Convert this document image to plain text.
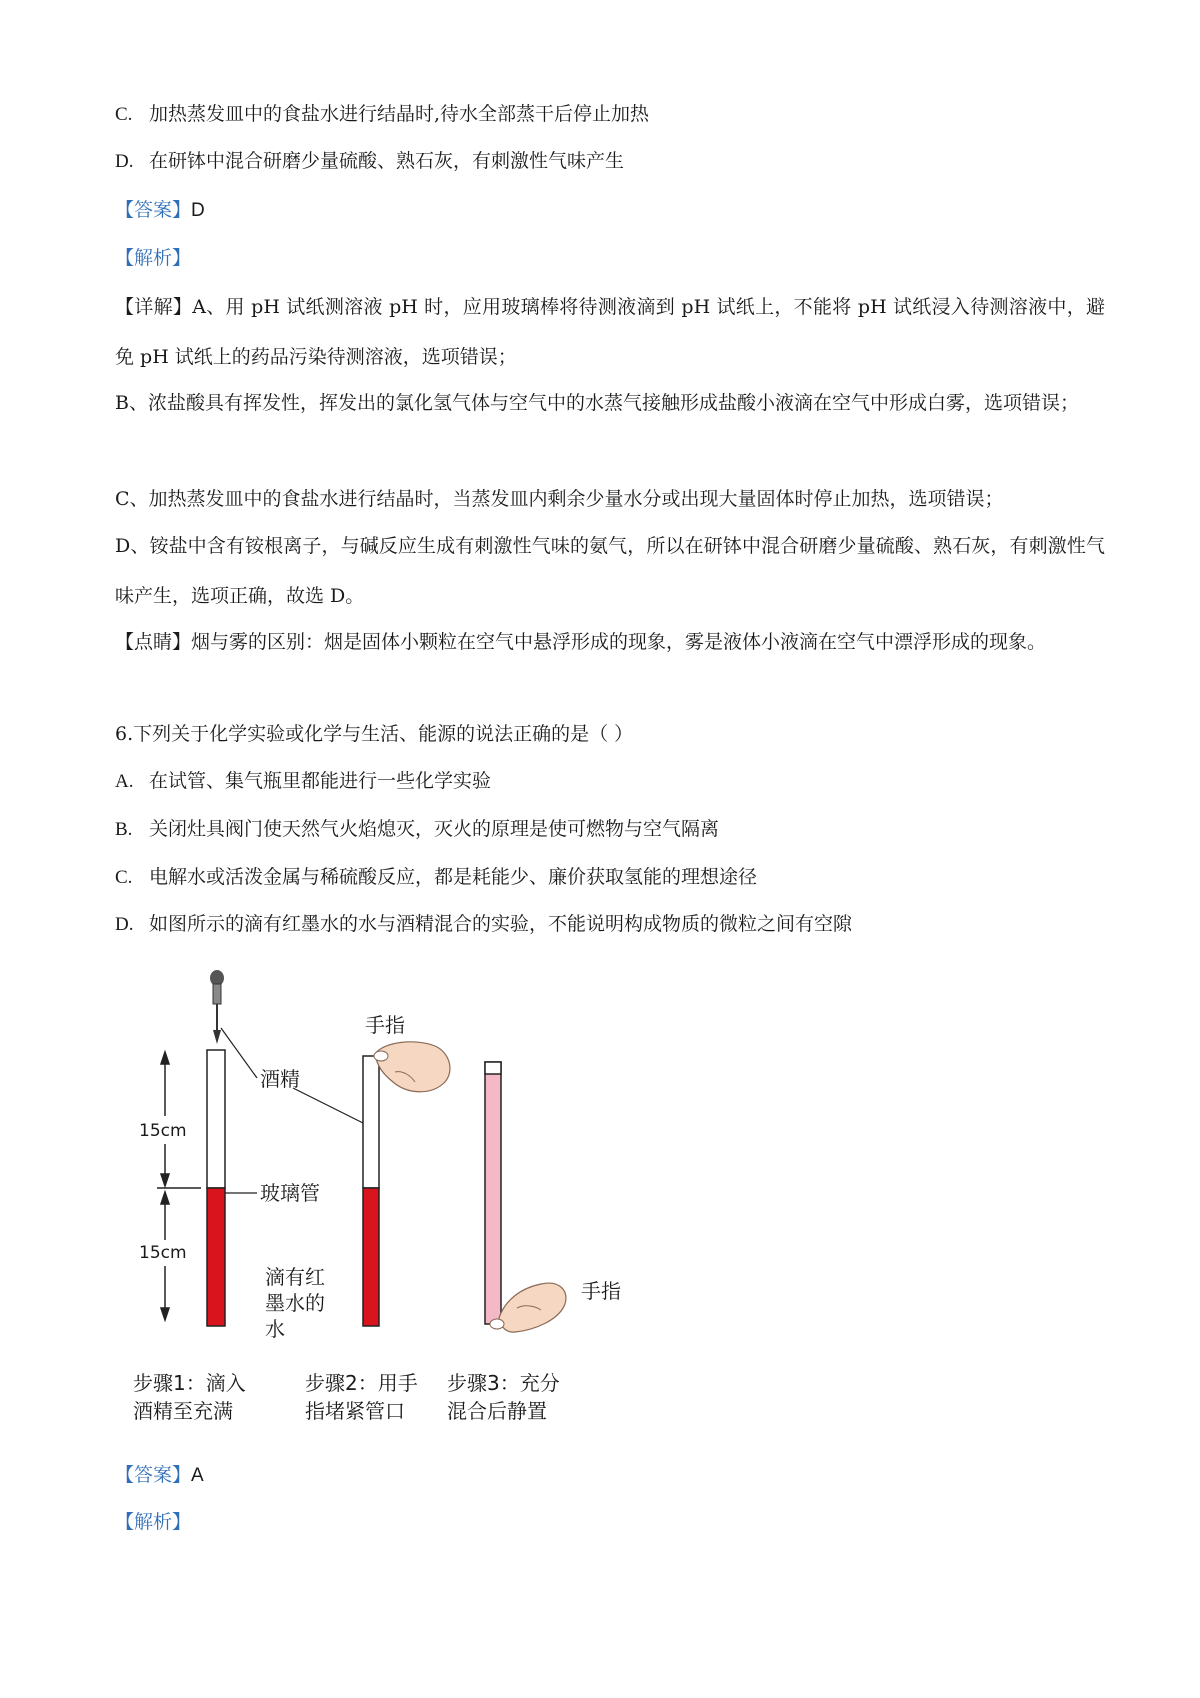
C. 加热蒸发皿中的食盐水进行结晶时,待水全部蒸干后停止加热
D. 在研钵中混合研磨少量硫酸、熟石灰，有刺激性气味产生
【答案】D
【解析】
【详解】A、用 pH 试纸测溶液 pH 时，应用玻璃棒将待测液滴到 pH 试纸上，不能将 pH 试纸浸入待测溶液中，避免 pH 试纸上的药品污染待测溶液，选项错误；
B、浓盐酸具有挥发性，挥发出的氯化氢气体与空气中的水蒸气接触形成盐酸小液滴在空气中形成白雾，选项错误；
C、加热蒸发皿中的食盐水进行结晶时，当蒸发皿内剩余少量水分或出现大量固体时停止加热，选项错误；
D、铵盐中含有铵根离子，与碱反应生成有刺激性气味的氨气，所以在研钵中混合研磨少量硫酸、熟石灰，有刺激性气味产生，选项正确，故选 D。
【点睛】烟与雾的区别：烟是固体小颗粒在空气中悬浮形成的现象，雾是液体小液滴在空气中漂浮形成的现象。
6.下列关于化学实验或化学与生活、能源的说法正确的是（ ）
A. 在试管、集气瓶里都能进行一些化学实验
B. 关闭灶具阀门使天然气火焰熄灭，灭火的原理是使可燃物与空气隔离
C. 电解水或活泼金属与稀硫酸反应，都是耗能少、廉价获取氢能的理想途径
D. 如图所示的滴有红墨水的水与酒精混合的实验，不能说明构成物质的微粒之间有空隙
15cm
15cm
酒精
玻璃管
滴有红
墨水的
水
手指
手指
步骤1：滴入
酒精至充满
步骤2：用手
指堵紧管口
步骤3：充分
混合后静置
【答案】A
【解析】
